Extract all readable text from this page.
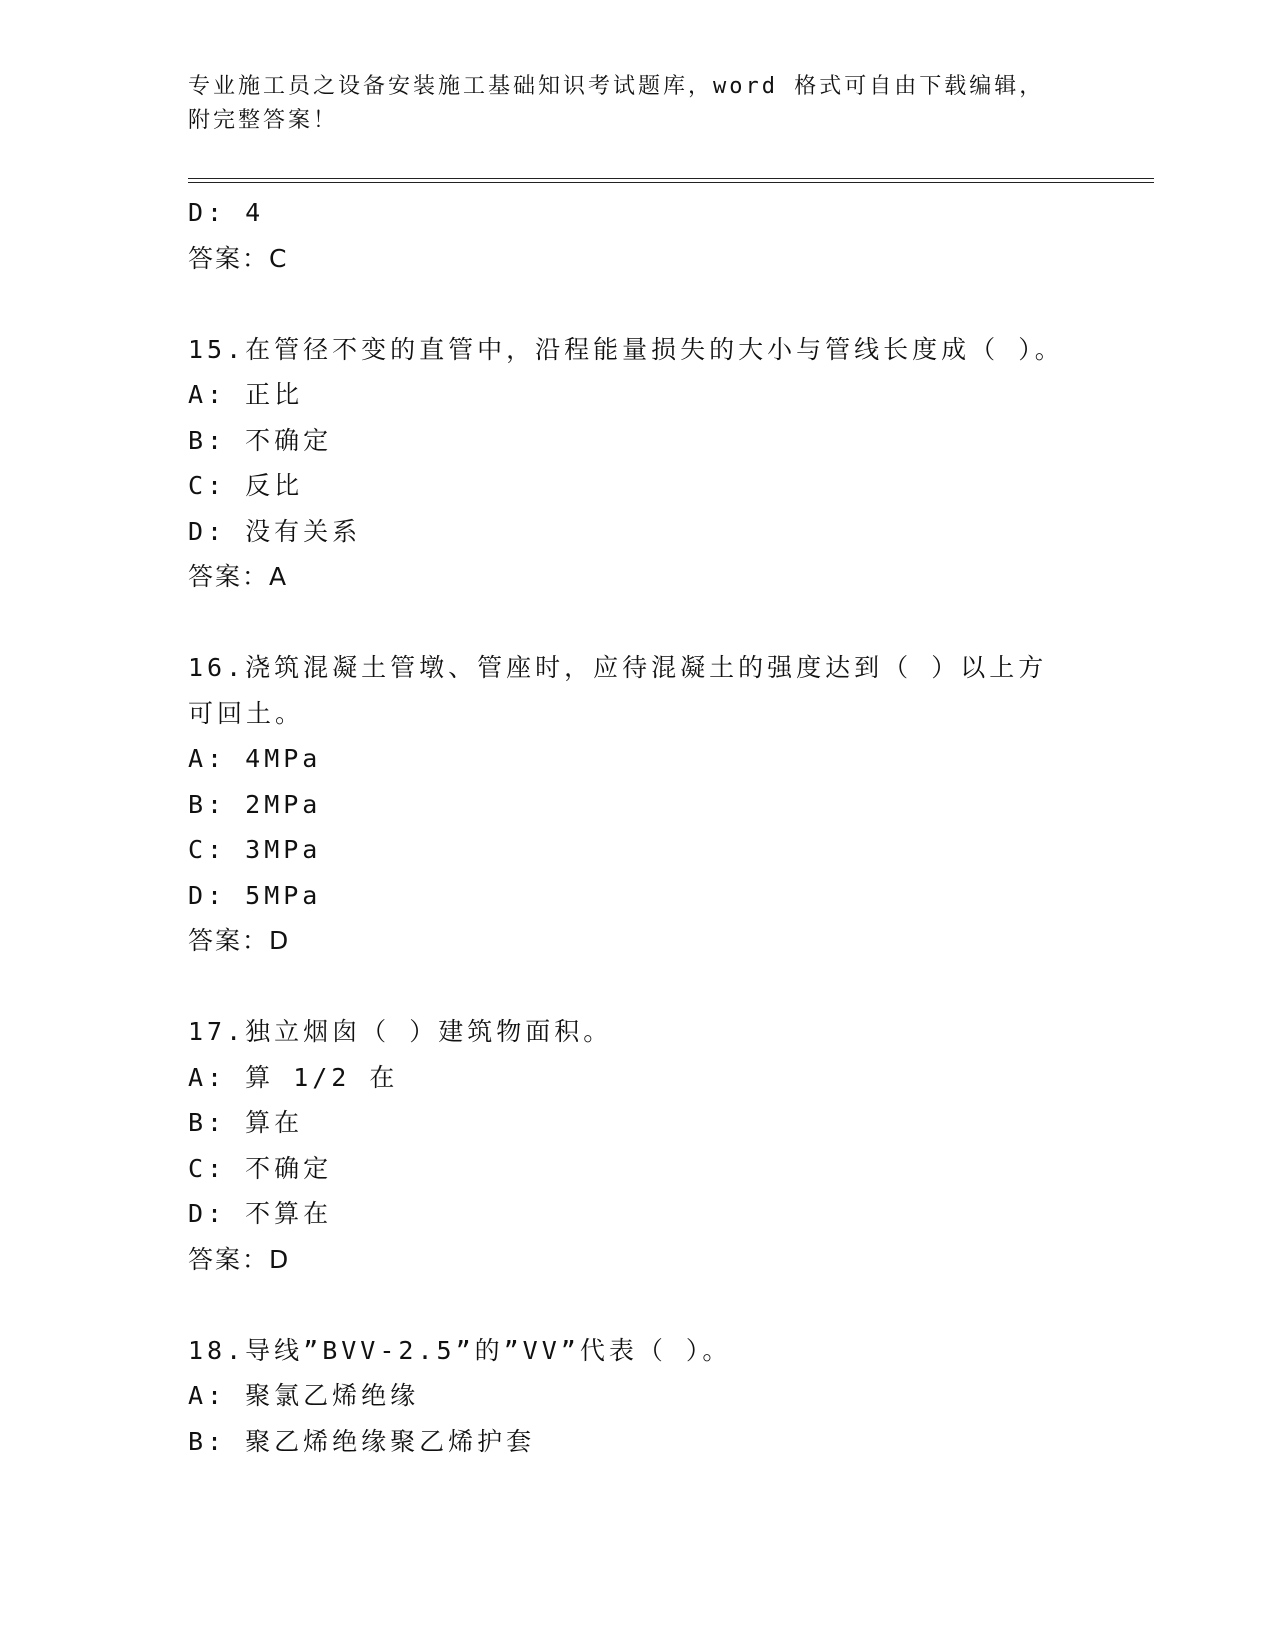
专业施工员之设备安装施工基础知识考试题库，word 格式可自由下载编辑，附完整答案！
D: 4
答案：C
15.在管径不变的直管中，沿程能量损失的大小与管线长度成（ ）。
A: 正比
B: 不确定
C: 反比
D: 没有关系
答案：A
16.浇筑混凝土管墩、管座时，应待混凝土的强度达到（ ）以上方可回土。
A: 4MPa
B: 2MPa
C: 3MPa
D: 5MPa
答案：D
17.独立烟囱（ ）建筑物面积。
A: 算 1/2 在
B: 算在
C: 不确定
D: 不算在
答案：D
18.导线”BVV-2.5”的”VV”代表（ ）。
A: 聚氯乙烯绝缘
B: 聚乙烯绝缘聚乙烯护套
